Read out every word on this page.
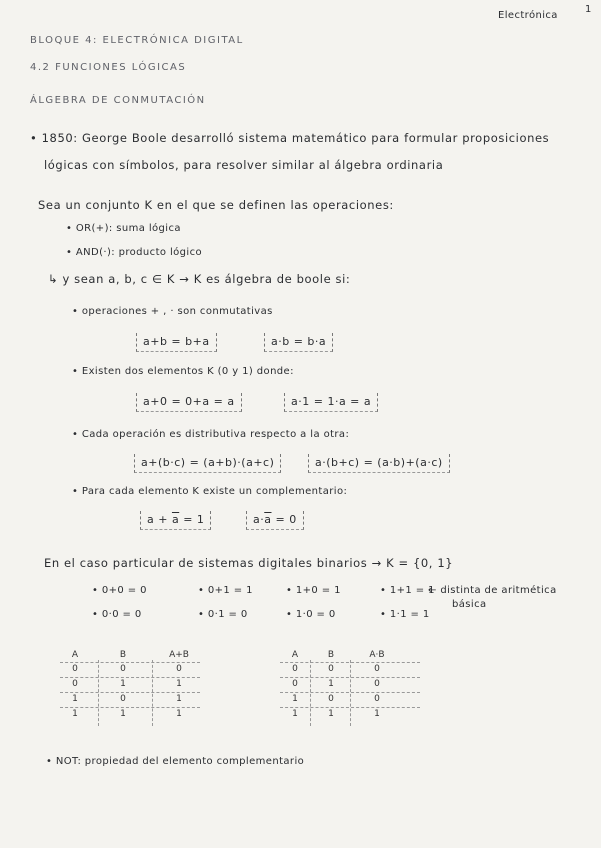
Electrónica
1
BLOQUE 4: ELECTRÓNICA DIGITAL
4.2 FUNCIONES LÓGICAS
ÁLGEBRA DE CONMUTACIÓN
• 1850: George Boole desarrolló sistema matemático para formular proposiciones
lógicas con símbolos, para resolver similar al álgebra ordinaria
Sea un conjunto K en el que se definen las operaciones:
• OR(+): suma lógica
• AND(·): producto lógico
↳ y sean a, b, c ∈ K → K es álgebra de boole si:
• operaciones + , · son conmutativas
a+b = b+a	a·b = b·a
• Existen dos elementos K (0 y 1) donde:
a+0 = 0+a = a	a·1 = 1·a = a
• Cada operación es distributiva respecto a la otra:
a+(b·c) = (a+b)·(a+c)	a·(b+c) = (a·b)+(a·c)
• Para cada elemento K existe un complementario:
$a + \overline{a} = 1$	$a\cdot\overline{a} = 0$
En el caso particular de sistemas digitales binarios → K = {0, 1}
• 0+0 = 0	• 0+1 = 1	• 1+0 = 1	• 1+1 = 1
← distinta de aritmética
básica
• 0·0 = 0	• 0·1 = 0	• 1·0 = 0	• 1·1 = 1
A	B	A+B
0	0	0
0	1	1
1	0	1
1	1	1
A	B	A·B
0	0	0
0	1	0
1	0	0
1	1	1
• NOT: propiedad del elemento complementario
